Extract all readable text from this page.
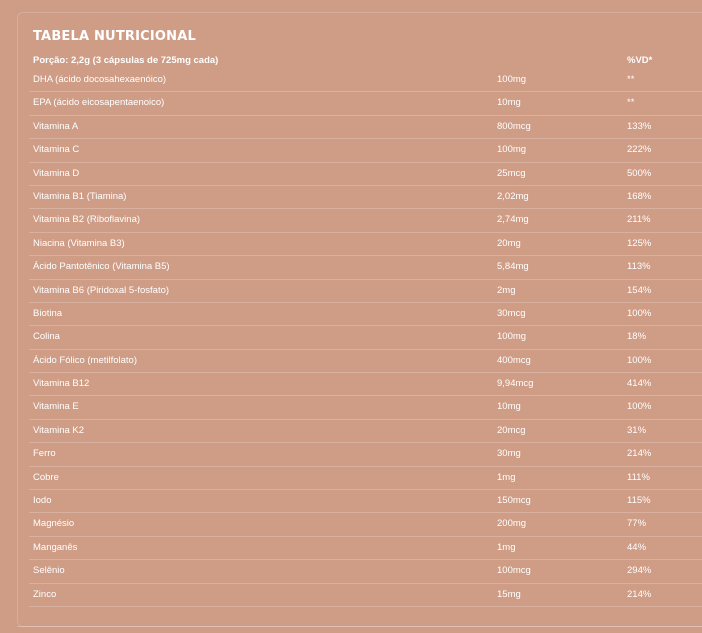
TABELA NUTRICIONAL
Porção: 2,2g (3 cápsulas de 725mg cada)	%VD*
DHA (ácido docosahexaenóico)	100mg	**
EPA (ácido eicosapentaenoico)	10mg	**
Vitamina A	800mcg	133%
Vitamina C	100mg	222%
Vitamina D	25mcg	500%
Vitamina B1 (Tiamina)	2,02mg	168%
Vitamina B2 (Riboflavina)	2,74mg	211%
Niacina (Vitamina B3)	20mg	125%
Ácido Pantotênico (Vitamina B5)	5,84mg	113%
Vitamina B6 (Piridoxal 5-fosfato)	2mg	154%
Biotina	30mcg	100%
Colina	100mg	18%
Ácido Fólico (metilfolato)	400mcg	100%
Vitamina B12	9,94mcg	414%
Vitamina E	10mg	100%
Vitamina K2	20mcg	31%
Ferro	30mg	214%
Cobre	1mg	111%
Iodo	150mcg	115%
Magnésio	200mg	77%
Manganês	1mg	44%
Selênio	100mcg	294%
Zinco	15mg	214%
